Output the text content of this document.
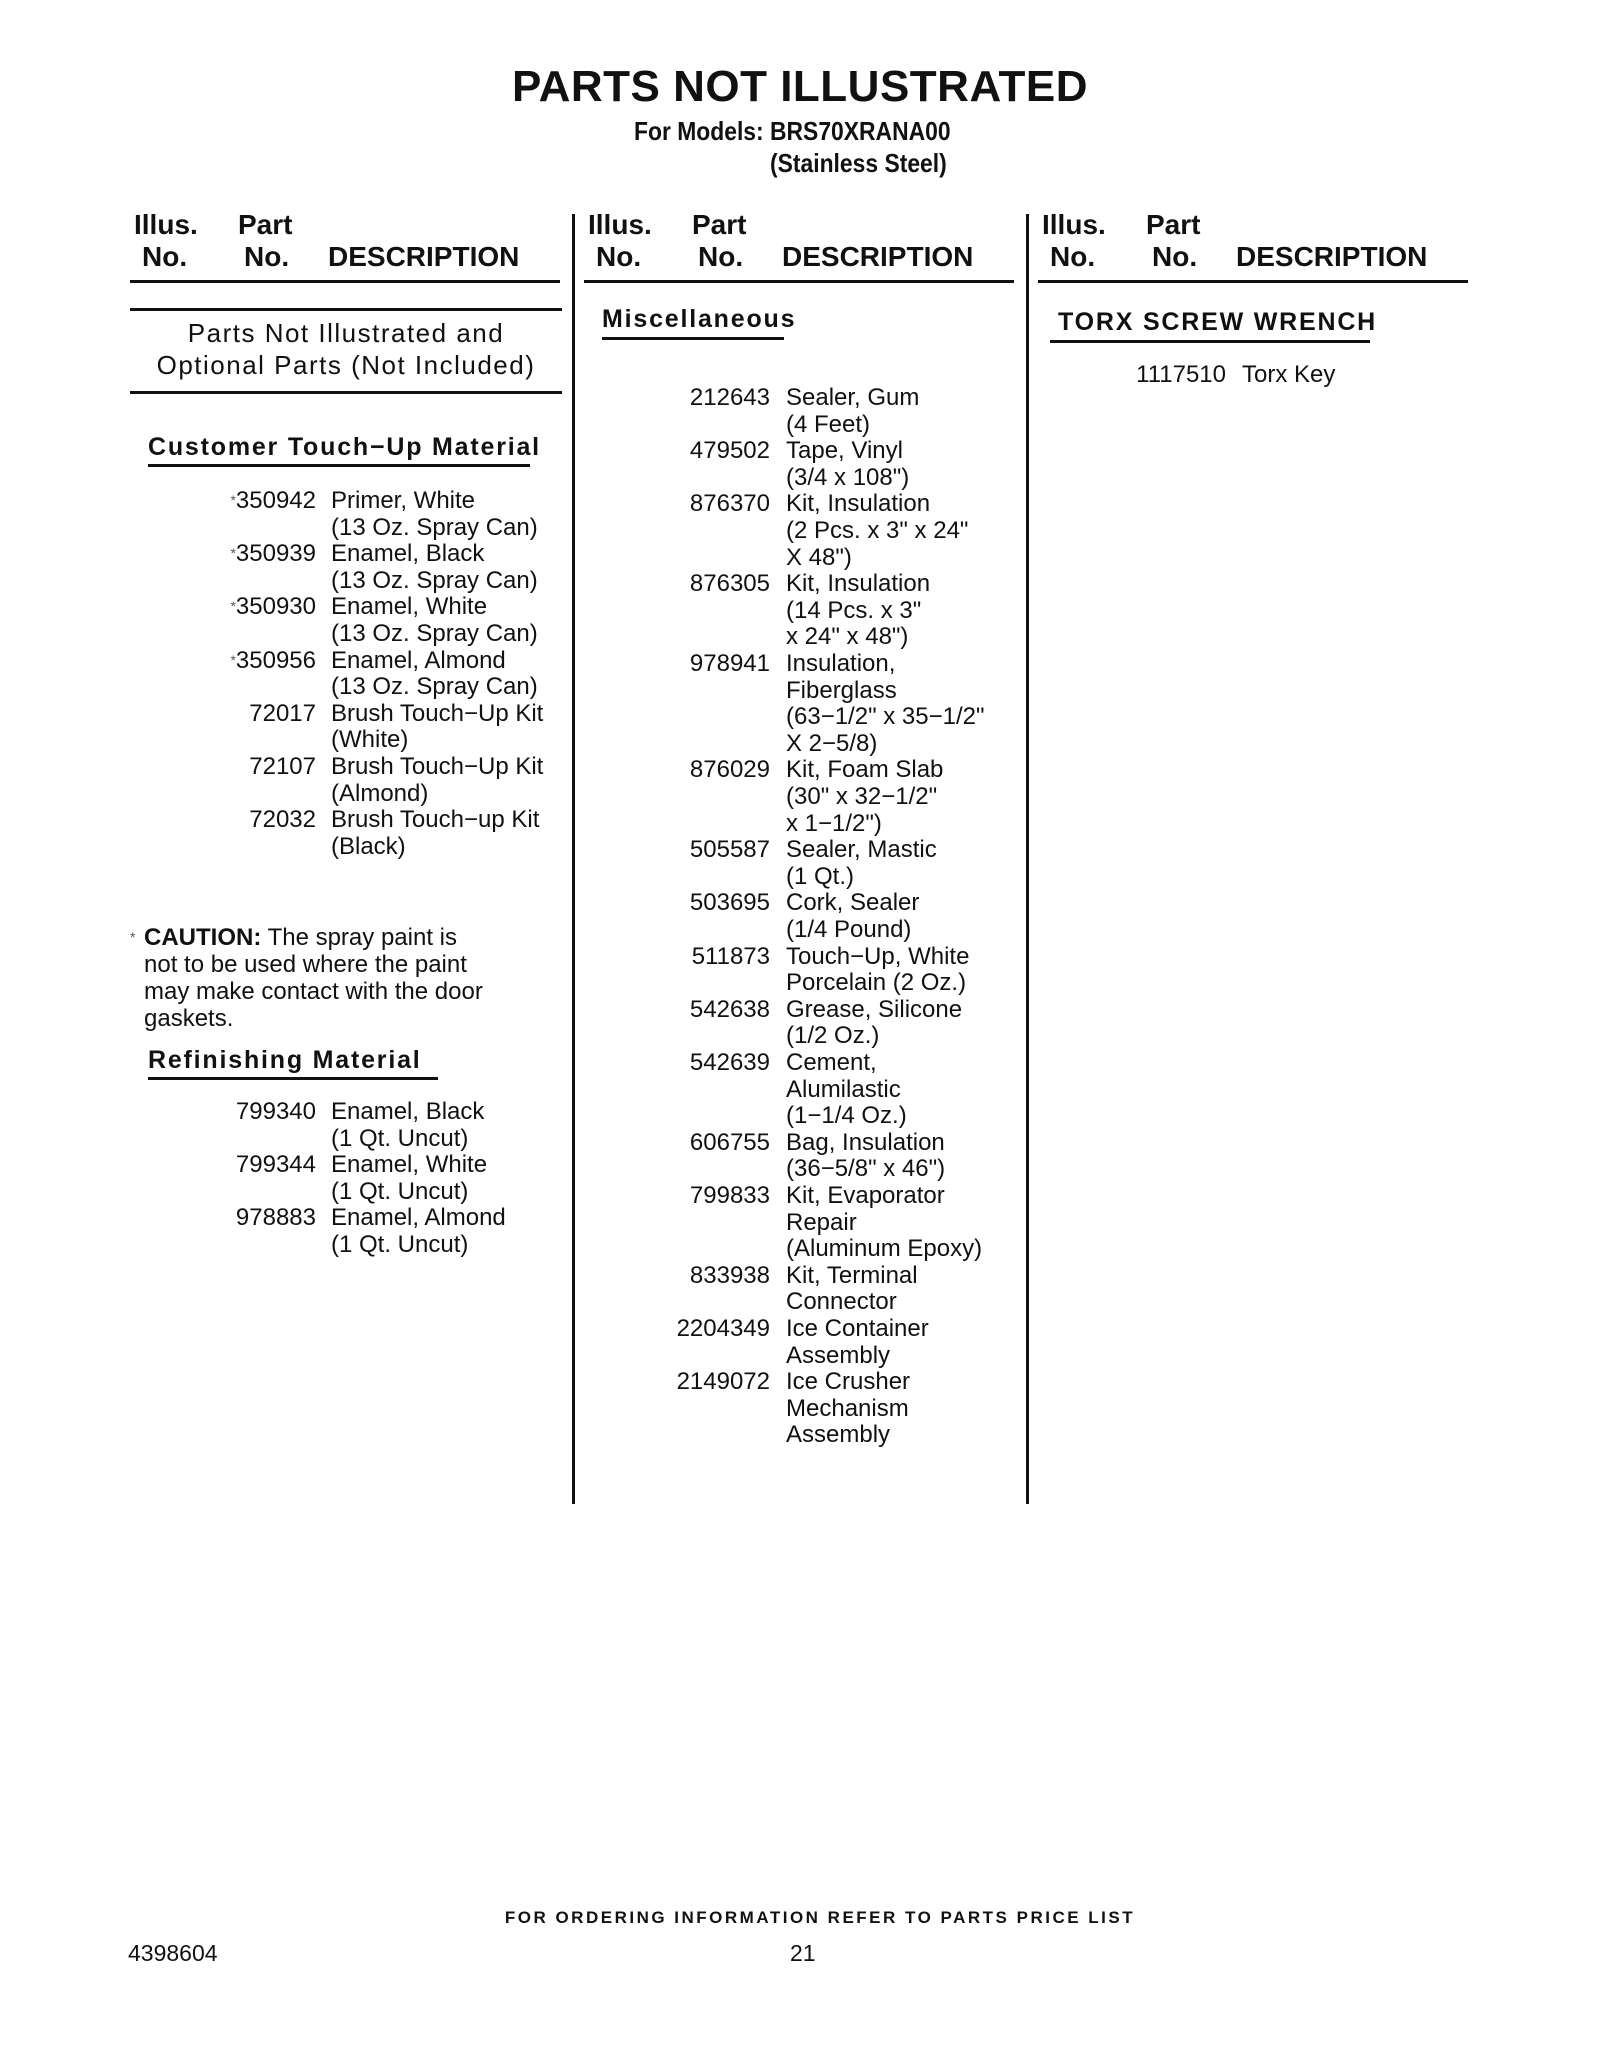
PARTS NOT ILLUSTRATED
For Models: BRS70XRANA00
(Stainless Steel)
Illus.
No.
Part
No. DESCRIPTION
Illus.
No.
Part
No. DESCRIPTION
Illus.
No.
Part
No. DESCRIPTION
Parts Not Illustrated and
Optional Parts (Not Included)
Customer Touch−Up Material
*350942 Primer, White
(13 Oz. Spray Can)
*350939 Enamel, Black
(13 Oz. Spray Can)
*350930 Enamel, White
(13 Oz. Spray Can)
*350956 Enamel, Almond
(13 Oz. Spray Can)
72017 Brush Touch−Up Kit
(White)
72107 Brush Touch−Up Kit
(Almond)
72032 Brush Touch−up Kit
(Black)
* CAUTION: The spray paint is
not to be used where the paint
may make contact with the door
gaskets.
Refinishing Material
799340 Enamel, Black
(1 Qt. Uncut)
799344 Enamel, White
(1 Qt. Uncut)
978883 Enamel, Almond
(1 Qt. Uncut)
Miscellaneous
212643 Sealer, Gum
(4 Feet)
479502 Tape, Vinyl
(3/4 x 108")
876370 Kit, Insulation
(2 Pcs. x 3" x 24"
X 48")
876305 Kit, Insulation
(14 Pcs. x 3"
x 24" x 48")
978941 Insulation,
Fiberglass
(63−1/2" x 35−1/2"
X 2−5/8)
876029 Kit, Foam Slab
(30" x 32−1/2"
x 1−1/2")
505587 Sealer, Mastic
(1 Qt.)
503695 Cork, Sealer
(1/4 Pound)
511873 Touch−Up, White
Porcelain (2 Oz.)
542638 Grease, Silicone
(1/2 Oz.)
542639 Cement,
Alumilastic
(1−1/4 Oz.)
606755 Bag, Insulation
(36−5/8" x 46")
799833 Kit, Evaporator
Repair
(Aluminum Epoxy)
833938 Kit, Terminal
Connector
2204349 Ice Container
Assembly
2149072 Ice Crusher
Mechanism
Assembly
TORX SCREW WRENCH
1117510 Torx Key
FOR ORDERING INFORMATION REFER TO PARTS PRICE LIST
4398604	21
